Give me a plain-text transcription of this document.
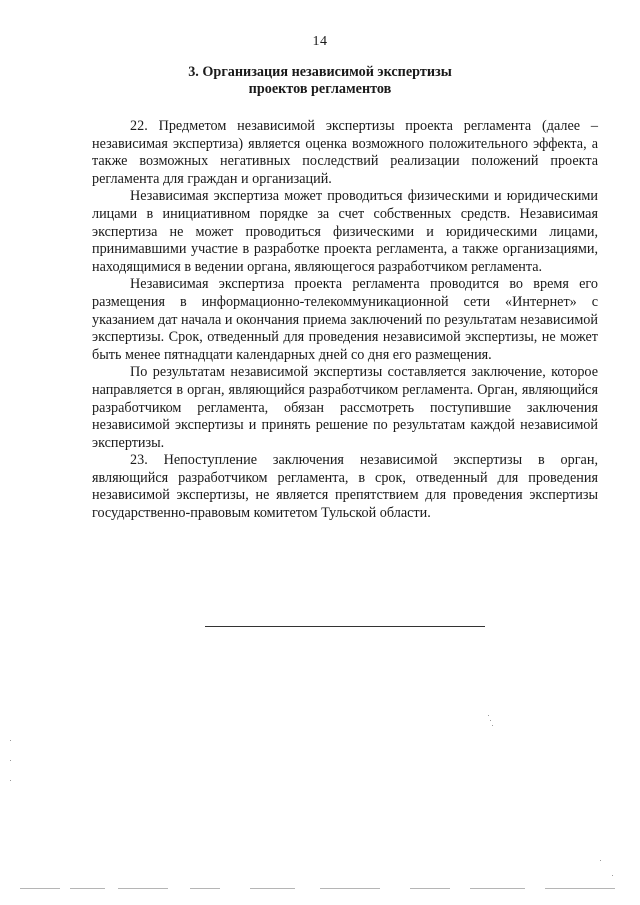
14
3. Организация независимой экспертизы
проектов регламентов

22. Предметом независимой экспертизы проекта регламента (далее – независимая экспертиза) является оценка возможного положительного эффекта, а также возможных негативных последствий реализации положений проекта регламента для граждан и организаций.

Независимая экспертиза может проводиться физическими и юридическими лицами в инициативном порядке за счет собственных средств. Независимая экспертиза не может проводиться физическими и юридическими лицами, принимавшими участие в разработке проекта регламента, а также организациями, находящимися в ведении органа, являющегося разработчиком регламента.

Независимая экспертиза проекта регламента проводится во время его размещения в информационно-телекоммуникационной сети «Интернет» с указанием дат начала и окончания приема заключений по результатам независимой экспертизы. Срок, отведенный для проведения независимой экспертизы, не может быть менее пятнадцати календарных дней со дня его размещения.

По результатам независимой экспертизы составляется заключение, которое направляется в орган, являющийся разработчиком регламента. Орган, являющийся разработчиком регламента, обязан рассмотреть поступившие заключения независимой экспертизы и принять решение по результатам каждой независимой экспертизы.

23. Непоступление заключения независимой экспертизы в орган, являющийся разработчиком регламента, в срок, отведенный для проведения независимой экспертизы, не является препятствием для проведения экспертизы государственно-правовым комитетом Тульской области.
